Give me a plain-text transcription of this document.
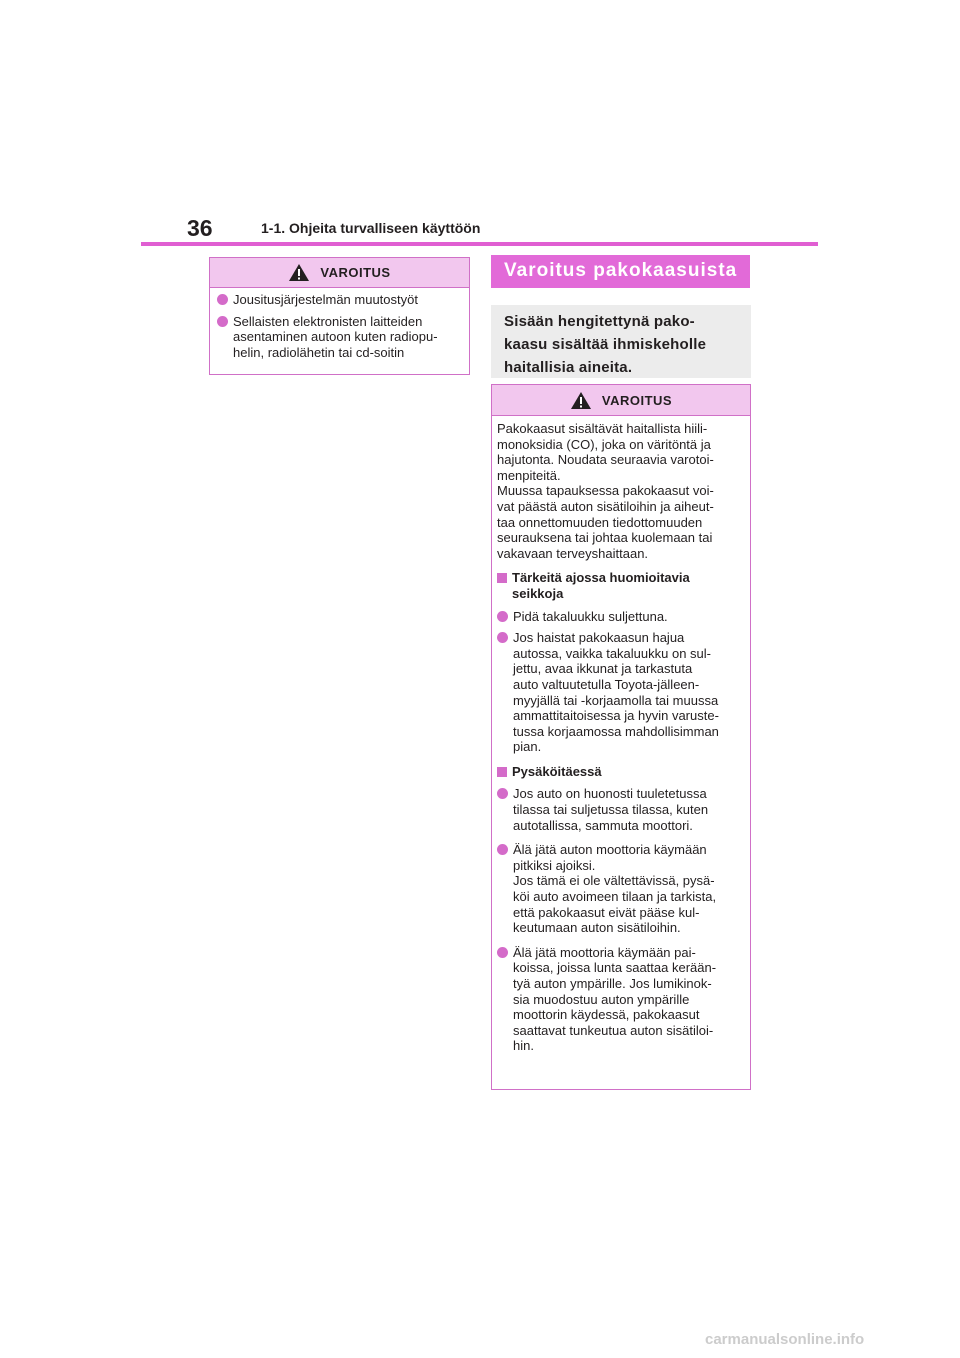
36	1-1. Ohjeita turvalliseen käyttöön
VAROITUS
Jousitusjärjestelmän muutostyöt
Sellaisten elektronisten laitteiden
asentaminen autoon kuten radiopu-
helin, radiolähetin tai cd-soitin
Varoitus pakokaasuista
Sisään hengitettynä pako-
kaasu sisältää ihmiskeholle
haitallisia aineita.
VAROITUS
Pakokaasut sisältävät haitallista hiili-
monoksidia (CO), joka on väritöntä ja
hajutonta. Noudata seuraavia varotoi-
menpiteitä.
Muussa tapauksessa pakokaasut voi-
vat päästä auton sisätiloihin ja aiheut-
taa onnettomuuden tiedottomuuden
seurauksena tai johtaa kuolemaan tai
vakavaan terveyshaittaan.
Tärkeitä ajossa huomioitavia
seikkoja
Pidä takaluukku suljettuna.
Jos haistat pakokaasun hajua
autossa, vaikka takaluukku on sul-
jettu, avaa ikkunat ja tarkastuta
auto valtuutetulla Toyota-jälleen-
myyjällä tai -korjaamolla tai muussa
ammattitaitoisessa ja hyvin varuste-
tussa korjaamossa mahdollisimman
pian.
Pysäköitäessä
Jos auto on huonosti tuuletetussa
tilassa tai suljetussa tilassa, kuten
autotallissa, sammuta moottori.
Älä jätä auton moottoria käymään
pitkiksi ajoiksi.
Jos tämä ei ole vältettävissä, pysä-
köi auto avoimeen tilaan ja tarkista,
että pakokaasut eivät pääse kul-
keutumaan auton sisätiloihin.
Älä jätä moottoria käymään pai-
koissa, joissa lunta saattaa kerään-
tyä auton ympärille. Jos lumikinok-
sia muodostuu auton ympärille
moottorin käydessä, pakokaasut
saattavat tunkeutua auton sisätiloi-
hin.
carmanualsonline.info
